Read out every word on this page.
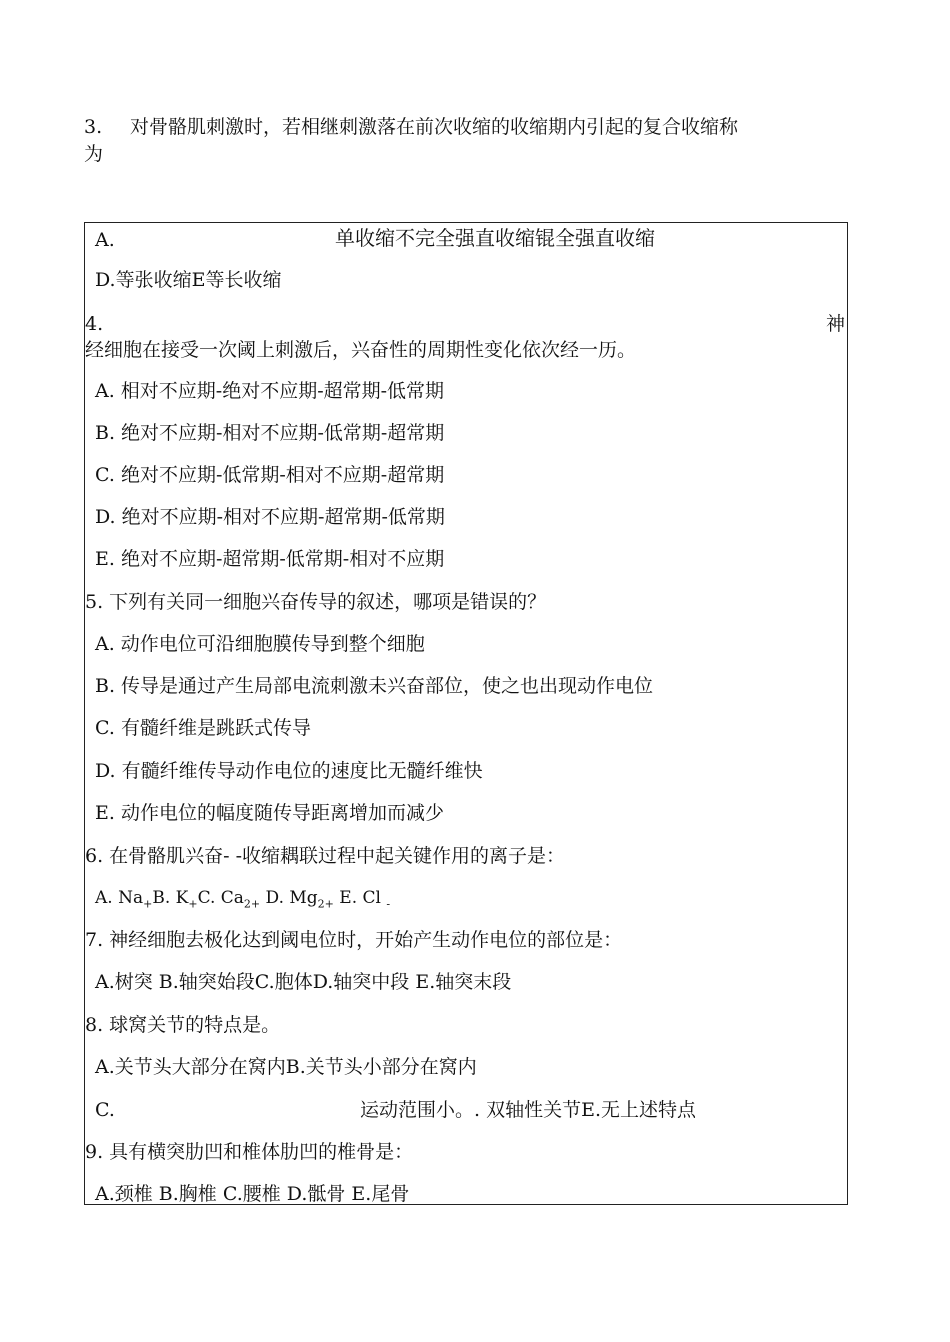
3. 对骨骼肌刺激时，若相继刺激落在前次收缩的收缩期内引起的复合收缩称
为
A.	单收缩不完全强直收缩锟全强直收缩
D.等张收缩E等长收缩
4.	神
经细胞在接受一次阈上刺激后，兴奋性的周期性变化依次经一历。
A. 相对不应期-绝对不应期-超常期-低常期
B. 绝对不应期-相对不应期-低常期-超常期
C. 绝对不应期-低常期-相对不应期-超常期
D. 绝对不应期-相对不应期-超常期-低常期
E. 绝对不应期-超常期-低常期-相对不应期
5. 下列有关同一细胞兴奋传导的叙述，哪项是错误的？
A. 动作电位可沿细胞膜传导到整个细胞
B. 传导是通过产生局部电流刺激未兴奋部位，使之也出现动作电位
C. 有髓纤维是跳跃式传导
D. 有髓纤维传导动作电位的速度比无髓纤维快
E. 动作电位的幅度随传导距离增加而减少
6. 在骨骼肌兴奋- -收缩耦联过程中起关键作用的离子是：
A. $Na_+B$. $K_+C$. $Ca_{2+}$ D. $Mg_{2+}$ E. Cl $_-$
7. 神经细胞去极化达到阈电位时，开始产生动作电位的部位是：
A.树突 B.轴突始段C.胞体D.轴突中段 E.轴突末段
8. 球窝关节的特点是。
A.关节头大部分在窝内B.关节头小部分在窝内
C.	运动范围小。. 双轴性关节E.无上述特点
9. 具有横突肋凹和椎体肋凹的椎骨是：
A.颈椎 B.胸椎 C.腰椎 D.骶骨 E.尾骨
